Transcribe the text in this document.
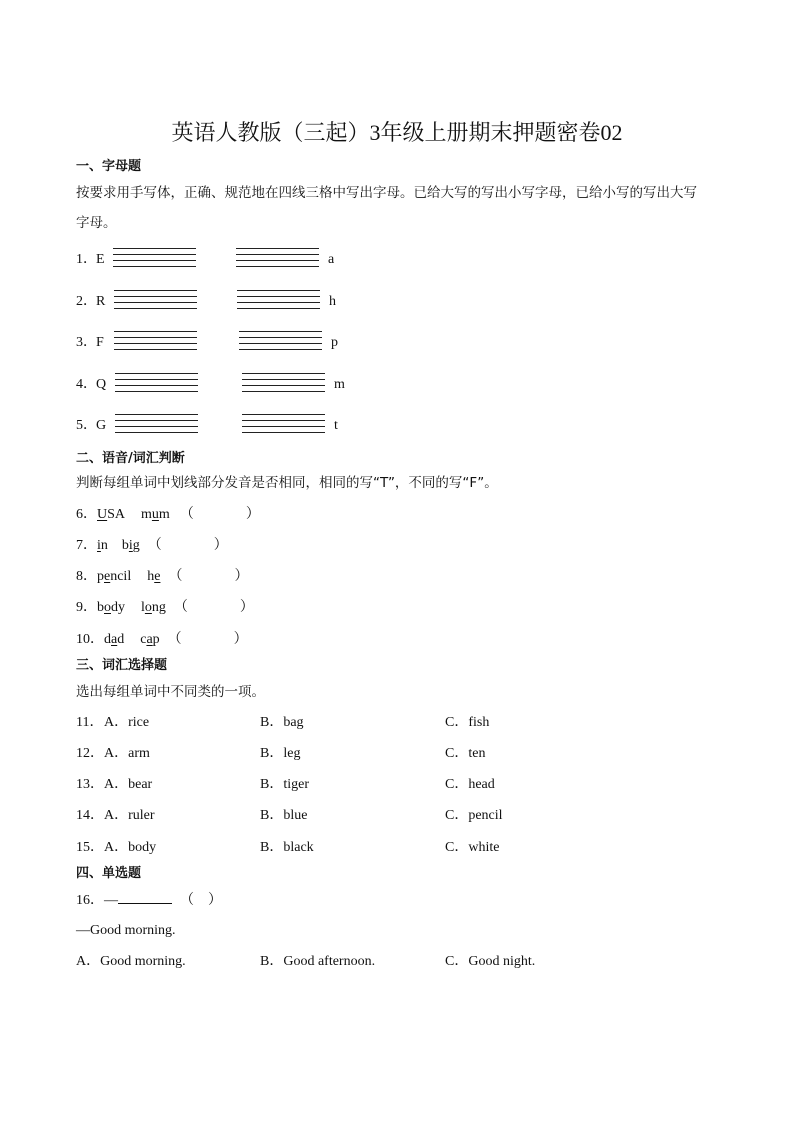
英语人教版（三起）3年级上册期末押题密卷02
一、字母题
按要求用手写体，正确、规范地在四线三格中写出字母。已给大写的写出小写字母，已给小写的写出大写
字母。
1． E	a
2． R	h
3． F	p
4． Q	m
5． G	t
二、语音/词汇判断
判断每组单词中划线部分发音是否相同，相同的写“T”，不同的写“F”。
6．USA mum （	）
7．in big （	）
8．pencil he （	）
9．body long （	）
10．dad cap （	）
三、词汇选择题
选出每组单词中不同类的一项。
11． A．rice	B．bag	C．fish
12． A．arm	B．leg	C．ten
13． A．bear	B．tiger	C．head
14． A．ruler	B．blue	C．pencil
15． A．body	B．black	C．white
四、单选题
16．—	（　）
—Good morning.
A．Good morning.	B．Good afternoon.	C．Good night.
